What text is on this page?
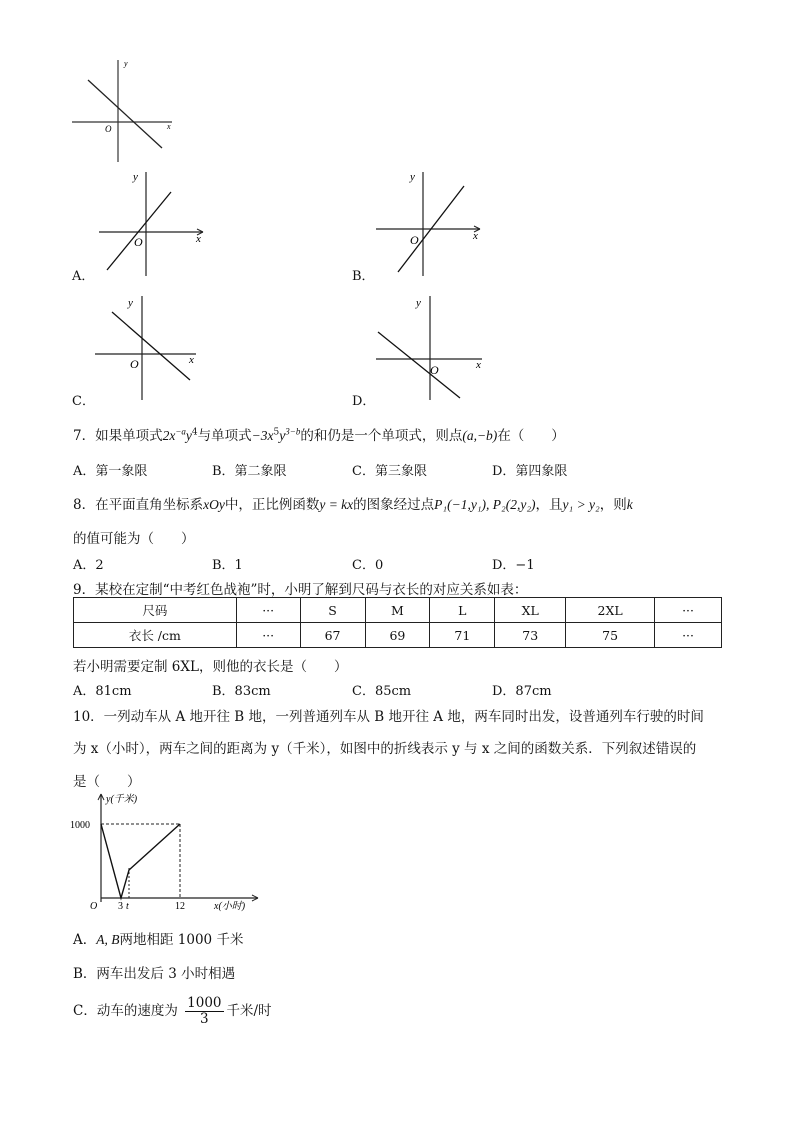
y
x
O
y
x
O
A．
y
x
O
B．
y
x
O
C．
y
x
O
D．
7．如果单项式$2x^{-a}y^4$与单项式$-3x^5y^{3-b}$的和仍是一个单项式，则点(a,−b)在（　　）
A．第一象限	B．第二象限	C．第三象限	D．第四象限
8．在平面直角坐标系xOy中，正比例函数y = kx的图象经过点P₁(−1,y₁), P₂(2,y₂)，且y₁ > y₂，则k
的值可能为（　　）
A．2	B．1	C．0	D．−1
9．某校在定制“中考红色战袍”时，小明了解到尺码与衣长的对应关系如表：
尺码	···	S	M	L	XL	2XL	···
衣长 /cm	···	67	69	71	73	75	···
若小明需要定制 6XL，则他的衣长是（　　）
A．81cm	B．83cm	C．85cm	D．87cm
10．一列动车从 A 地开往 B 地，一列普通列车从 B 地开往 A 地，两车同时出发，设普通列车行驶的时间
为 x（小时），两车之间的距离为 y（千米），如图中的折线表示 y 与 x 之间的函数关系．下列叙述错误的
是（　　）
y(千米)
1000
O 3 t	12	x(小时)
A．A, B两地相距 1000 千米
B．两车出发后 3 小时相遇
C．动车的速度为 $\frac{1000}{3}$ 千米/时
